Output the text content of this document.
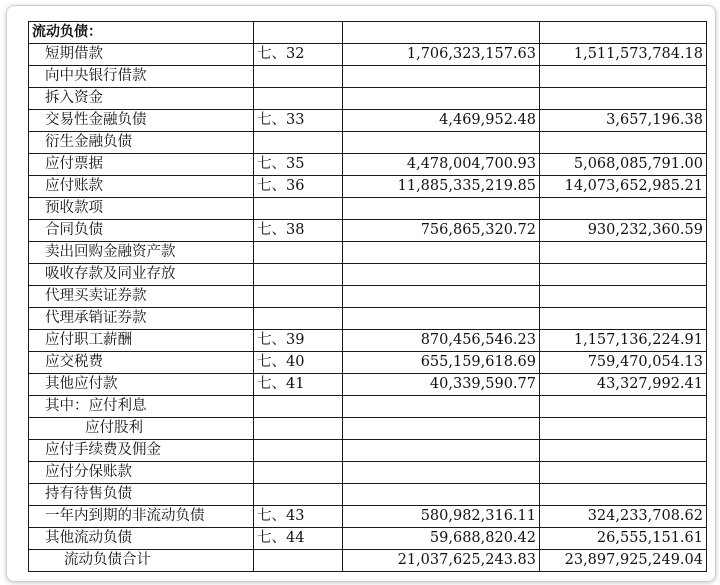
流动负债：			
短期借款	七、32	1,706,323,157.63	1,511,573,784.18
向中央银行借款			
拆入资金			
交易性金融负债	七、33	4,469,952.48	3,657,196.38
衍生金融负债			
应付票据	七、35	4,478,004,700.93	5,068,085,791.00
应付账款	七、36	11,885,335,219.85	14,073,652,985.21
预收款项			
合同负债	七、38	756,865,320.72	930,232,360.59
卖出回购金融资产款			
吸收存款及同业存放			
代理买卖证券款			
代理承销证券款			
应付职工薪酬	七、39	870,456,546.23	1,157,136,224.91
应交税费	七、40	655,159,618.69	759,470,054.13
其他应付款	七、41	40,339,590.77	43,327,992.41
其中：应付利息			
应付股利			
应付手续费及佣金			
应付分保账款			
持有待售负债			
一年内到期的非流动负债	七、43	580,982,316.11	324,233,708.62
其他流动负债	七、44	59,688,820.42	26,555,151.61
流动负债合计		21,037,625,243.83	23,897,925,249.04
